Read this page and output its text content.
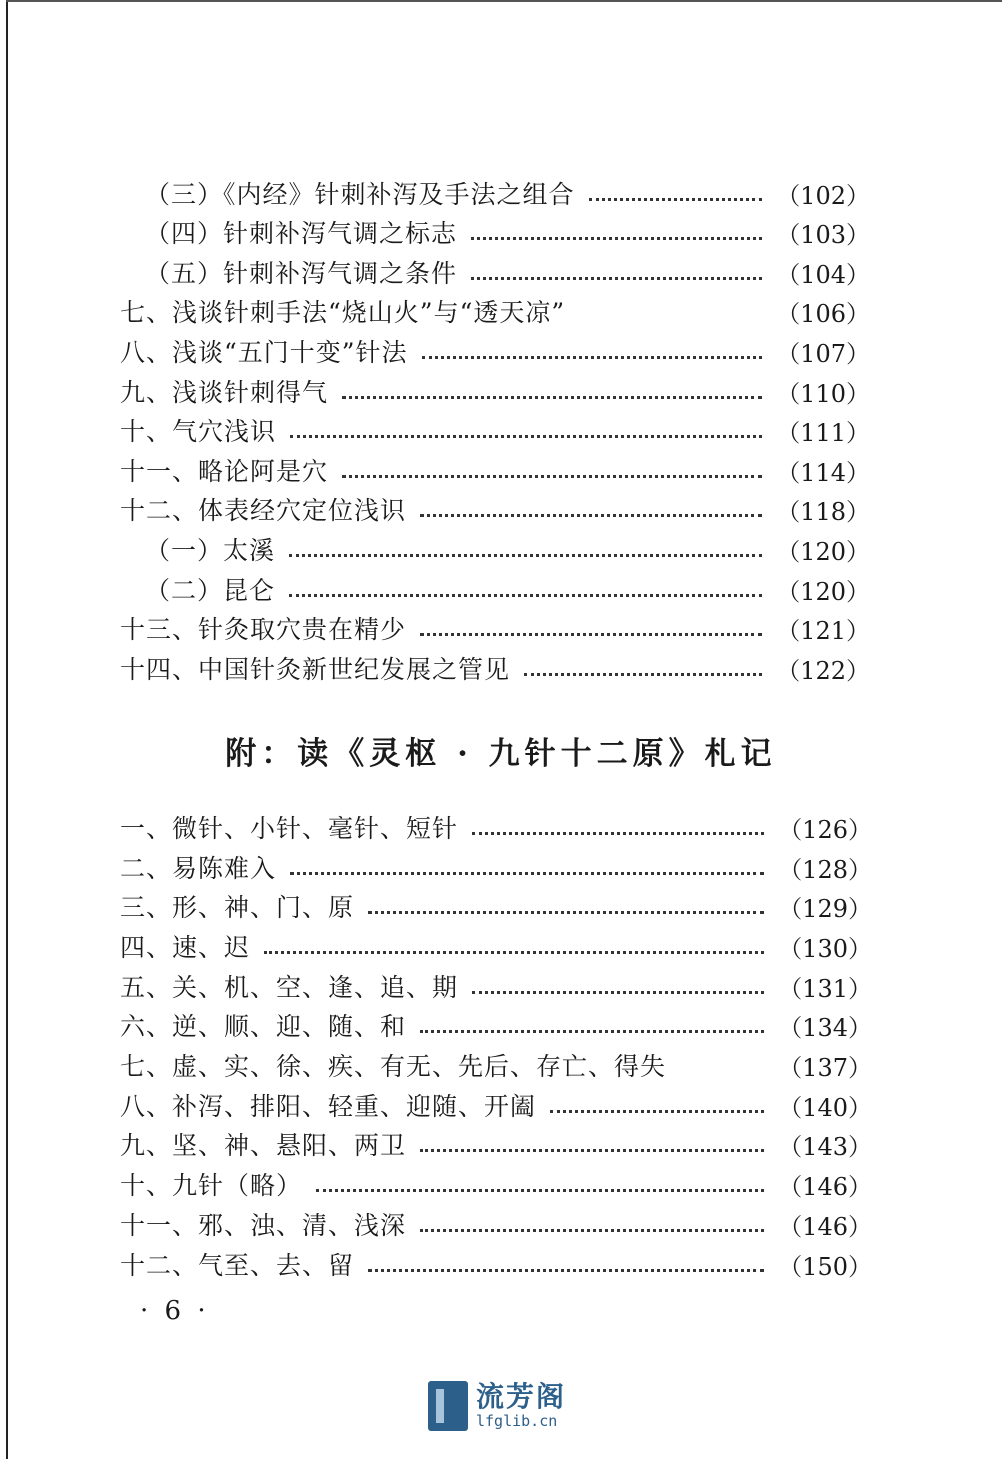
（三）《内经》针刺补泻及手法之组合	（102）
（四）针刺补泻气调之标志	（103）
（五）针刺补泻气调之条件	（104）
七、浅谈针刺手法“烧山火”与“透天凉”	（106）
八、浅谈“五门十变”针法	（107）
九、浅谈针刺得气	（110）
十、气穴浅识	（111）
十一、略论阿是穴	（114）
十二、体表经穴定位浅识	（118）
（一）太溪	（120）
（二）昆仑	（120）
十三、针灸取穴贵在精少	（121）
十四、中国针灸新世纪发展之管见	（122）
附：读《灵枢 · 九针十二原》札记
一、微针、小针、毫针、短针	（126）
二、易陈难入	（128）
三、形、神、门、原	（129）
四、速、迟	（130）
五、关、机、空、逢、追、期	（131）
六、逆、顺、迎、随、和	（134）
七、虚、实、徐、疾、有无、先后、存亡、得失	（137）
八、补泻、排阳、轻重、迎随、开阖	（140）
九、坚、神、悬阳、两卫	（143）
十、九针（略）	（146）
十一、邪、浊、清、浅深	（146）
十二、气至、去、留	（150）
· 6 ·
流芳阁
lfglib.cn
